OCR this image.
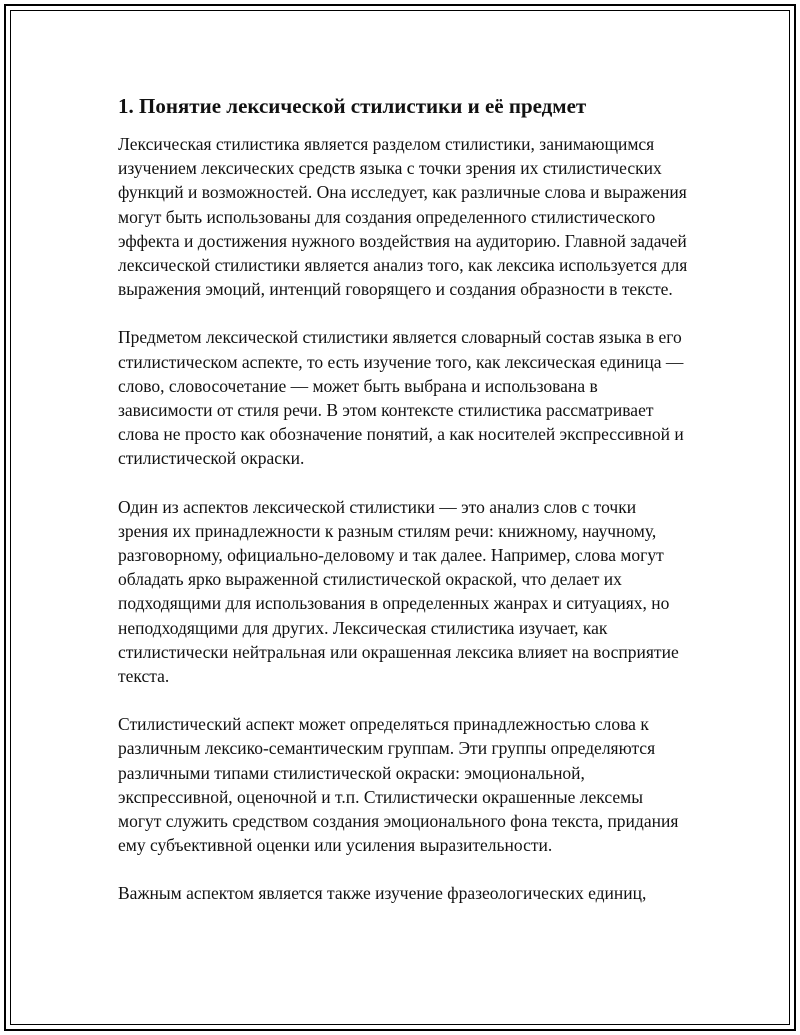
1. Понятие лексической стилистики и её предмет

Лексическая стилистика является разделом стилистики, занимающимся изучением лексических средств языка с точки зрения их стилистических функций и возможностей. Она исследует, как различные слова и выражения могут быть использованы для создания определенного стилистического эффекта и достижения нужного воздействия на аудиторию. Главной задачей лексической стилистики является анализ того, как лексика используется для выражения эмоций, интенций говорящего и создания образности в тексте.

Предметом лексической стилистики является словарный состав языка в его стилистическом аспекте, то есть изучение того, как лексическая единица — слово, словосочетание — может быть выбрана и использована в зависимости от стиля речи. В этом контексте стилистика рассматривает слова не просто как обозначение понятий, а как носителей экспрессивной и стилистической окраски.

Один из аспектов лексической стилистики — это анализ слов с точки зрения их принадлежности к разным стилям речи: книжному, научному, разговорному, официально-деловому и так далее. Например, слова могут обладать ярко выраженной стилистической окраской, что делает их подходящими для использования в определенных жанрах и ситуациях, но неподходящими для других. Лексическая стилистика изучает, как стилистически нейтральная или окрашенная лексика влияет на восприятие текста.

Стилистический аспект может определяться принадлежностью слова к различным лексико-семантическим группам. Эти группы определяются различными типами стилистической окраски: эмоциональной, экспрессивной, оценочной и т.п. Стилистически окрашенные лексемы могут служить средством создания эмоционального фона текста, придания ему субъективной оценки или усиления выразительности.

Важным аспектом является также изучение фразеологических единиц,
